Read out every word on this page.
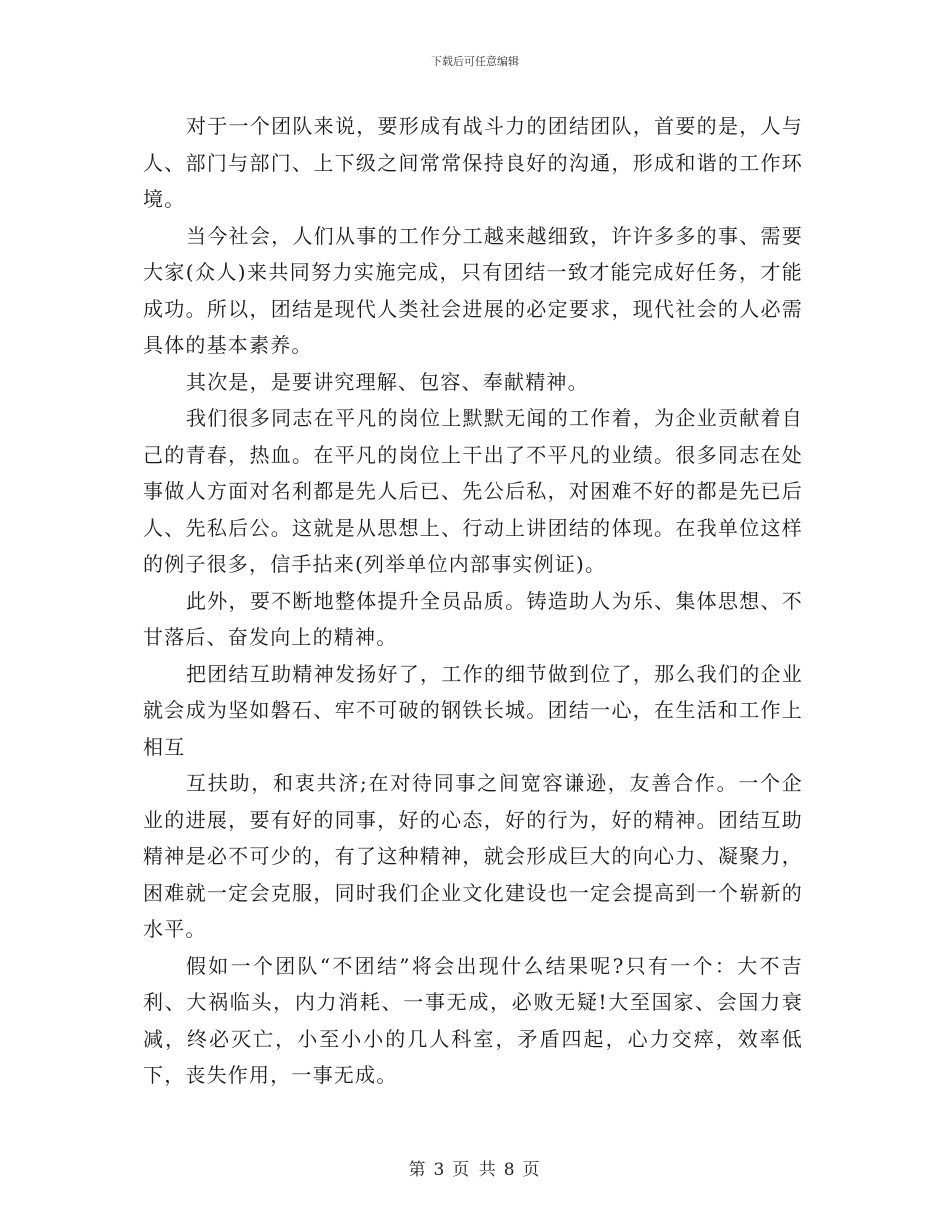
下载后可任意编辑

对于一个团队来说，要形成有战斗力的团结团队，首要的是，人与人、部门与部门、上下级之间常常保持良好的沟通，形成和谐的工作环境。

当今社会，人们从事的工作分工越来越细致，许许多多的事、需要大家(众人)来共同努力实施完成，只有团结一致才能完成好任务，才能成功。所以，团结是现代人类社会进展的必定要求，现代社会的人必需具体的基本素养。

其次是，是要讲究理解、包容、奉献精神。

我们很多同志在平凡的岗位上默默无闻的工作着，为企业贡献着自己的青春，热血。在平凡的岗位上干出了不平凡的业绩。很多同志在处事做人方面对名利都是先人后已、先公后私，对困难不好的都是先已后人、先私后公。这就是从思想上、行动上讲团结的体现。在我单位这样的例子很多，信手拈来(列举单位内部事实例证)。

此外，要不断地整体提升全员品质。铸造助人为乐、集体思想、不甘落后、奋发向上的精神。

把团结互助精神发扬好了，工作的细节做到位了，那么我们的企业就会成为坚如磐石、牢不可破的钢铁长城。团结一心，在生活和工作上相互

互扶助，和衷共济;在对待同事之间宽容谦逊，友善合作。一个企业的进展，要有好的同事，好的心态，好的行为，好的精神。团结互助精神是必不可少的，有了这种精神，就会形成巨大的向心力、凝聚力，困难就一定会克服，同时我们企业文化建设也一定会提高到一个崭新的水平。

假如一个团队“不团结”将会出现什么结果呢?只有一个：大不吉利、大祸临头，内力消耗、一事无成，必败无疑!大至国家、会国力衰减，终必灭亡，小至小小的几人科室，矛盾四起，心力交瘁，效率低下，丧失作用，一事无成。

第 3 页 共 8 页
